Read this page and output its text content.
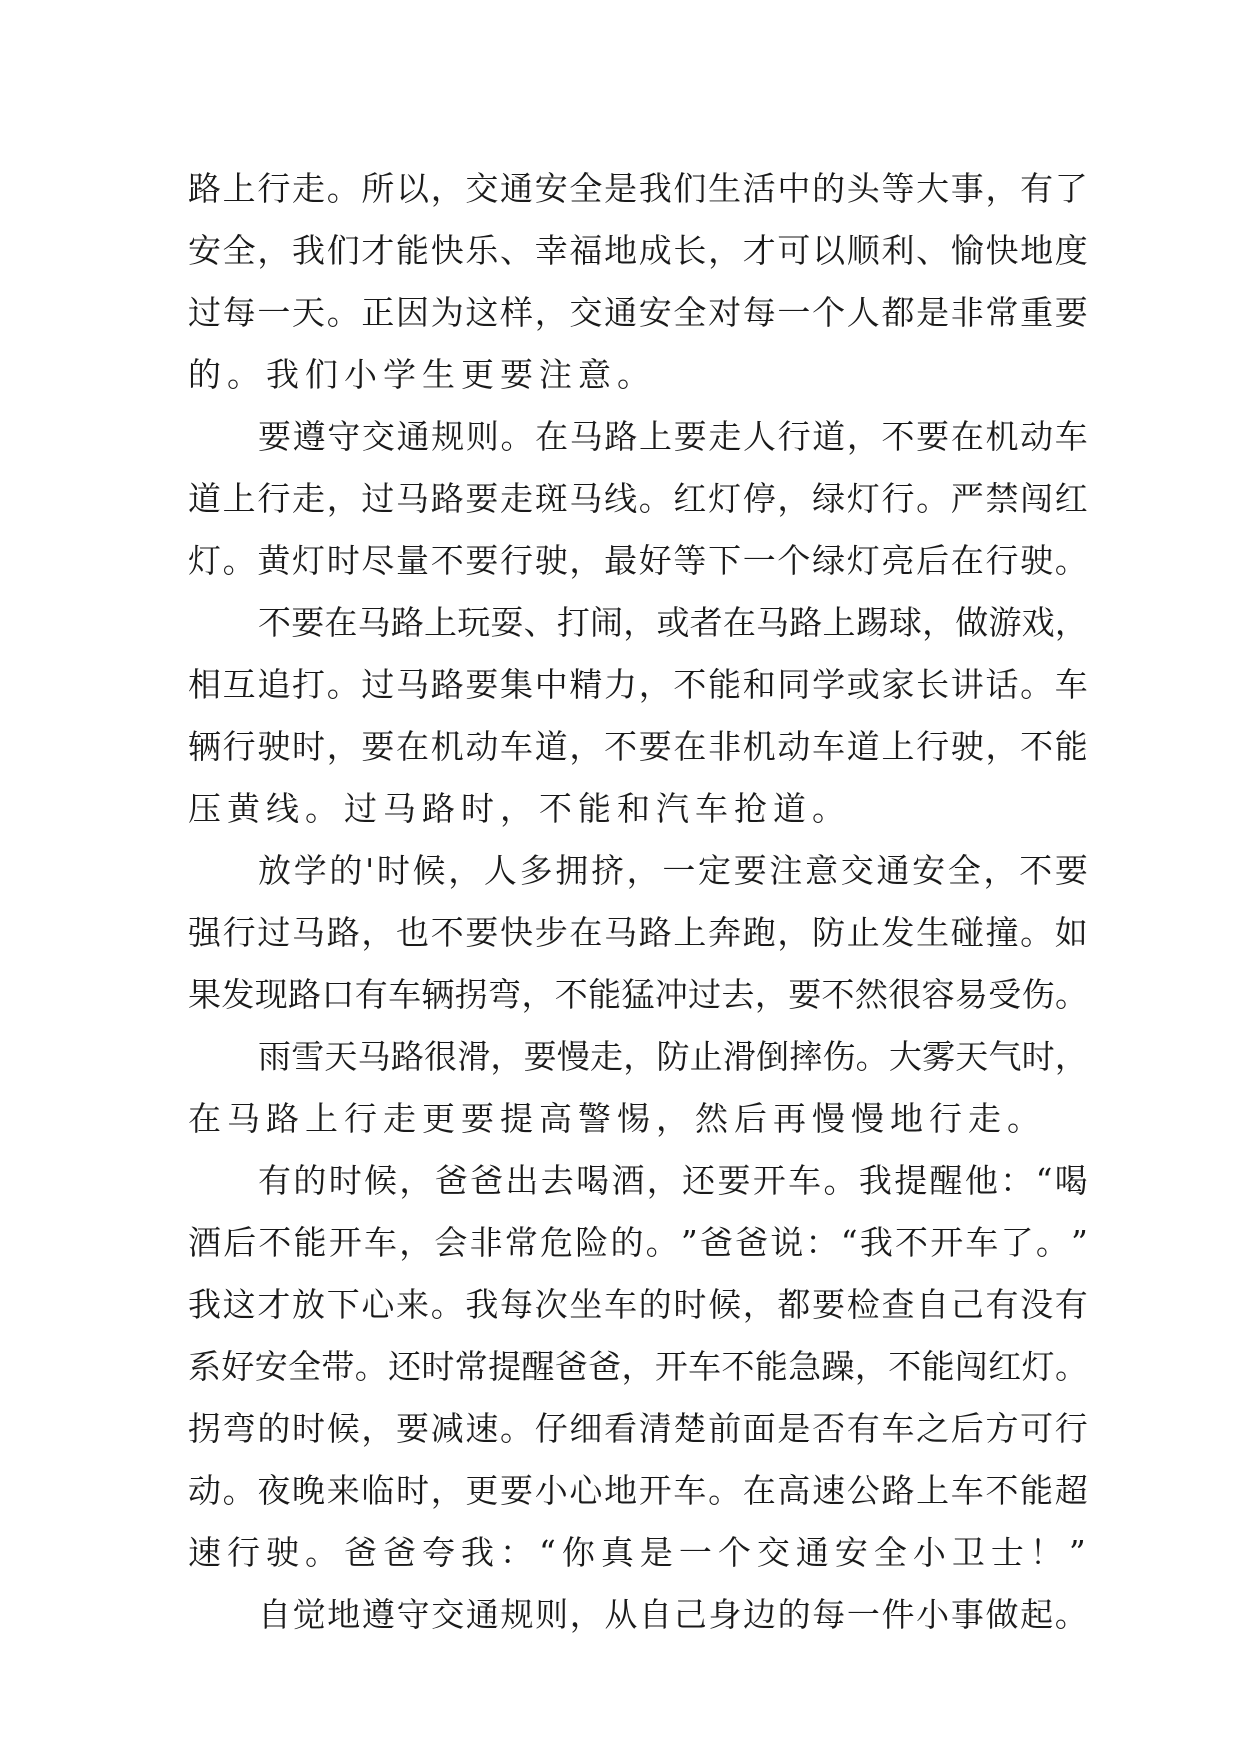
路 上 行 走 。 所 以 ， 交 通 安 全 是 我 们 生 活 中 的 头 等 大 事 ， 有 了
安 全 ， 我 们 才 能 快 乐 、 幸 福 地 成 长 ， 才 可 以 顺 利 、 愉 快 地 度
过 每 一 天 。 正 因 为 这 样 ， 交 通 安 全 对 每 一 个 人 都 是 非 常 重 要
的 。 我 们 小 学 生 更 要 注 意 。
要 遵 守 交 通 规 则 。 在 马 路 上 要 走 人 行 道 ， 不 要 在 机 动 车
道 上 行 走 ， 过 马 路 要 走 斑 马 线 。 红 灯 停 ， 绿 灯 行 。 严 禁 闯 红
灯 。 黄 灯 时 尽 量 不 要 行 驶 ， 最 好 等 下 一 个 绿 灯 亮 后 在 行 驶 。
不 要 在 马 路 上 玩 耍 、 打 闹 ， 或 者 在 马 路 上 踢 球 ， 做 游 戏 ，
相 互 追 打 。 过 马 路 要 集 中 精 力 ， 不 能 和 同 学 或 家 长 讲 话 。 车
辆 行 驶 时 ， 要 在 机 动 车 道 ， 不 要 在 非 机 动 车 道 上 行 驶 ， 不 能
压 黄 线 。 过 马 路 时 ， 不 能 和 汽 车 抢 道 。
放 学 的 ' 时 候 ， 人 多 拥 挤 ， 一 定 要 注 意 交 通 安 全 ， 不 要
强 行 过 马 路 ， 也 不 要 快 步 在 马 路 上 奔 跑 ， 防 止 发 生 碰 撞 。 如
果 发 现 路 口 有 车 辆 拐 弯 ， 不 能 猛 冲 过 去 ， 要 不 然 很 容 易 受 伤 。
雨 雪 天 马 路 很 滑 ， 要 慢 走 ， 防 止 滑 倒 摔 伤 。 大 雾 天 气 时 ，
在 马 路 上 行 走 更 要 提 高 警 惕 ， 然 后 再 慢 慢 地 行 走 。
有 的 时 候 ， 爸 爸 出 去 喝 酒 ， 还 要 开 车 。 我 提 醒 他 ： “ 喝
酒 后 不 能 开 车 ， 会 非 常 危 险 的 。 ” 爸 爸 说 ： “ 我 不 开 车 了 。 ”
我 这 才 放 下 心 来 。 我 每 次 坐 车 的 时 候 ， 都 要 检 查 自 己 有 没 有
系 好 安 全 带 。 还 时 常 提 醒 爸 爸 ， 开 车 不 能 急 躁 ， 不 能 闯 红 灯 。
拐 弯 的 时 候 ， 要 减 速 。 仔 细 看 清 楚 前 面 是 否 有 车 之 后 方 可 行
动 。 夜 晚 来 临 时 ， 更 要 小 心 地 开 车 。 在 高 速 公 路 上 车 不 能 超
速 行 驶 。 爸 爸 夸 我 ： “ 你 真 是 一 个 交 通 安 全 小 卫 士 ！ ”
自 觉 地 遵 守 交 通 规 则 ， 从 自 己 身 边 的 每 一 件 小 事 做 起 。
